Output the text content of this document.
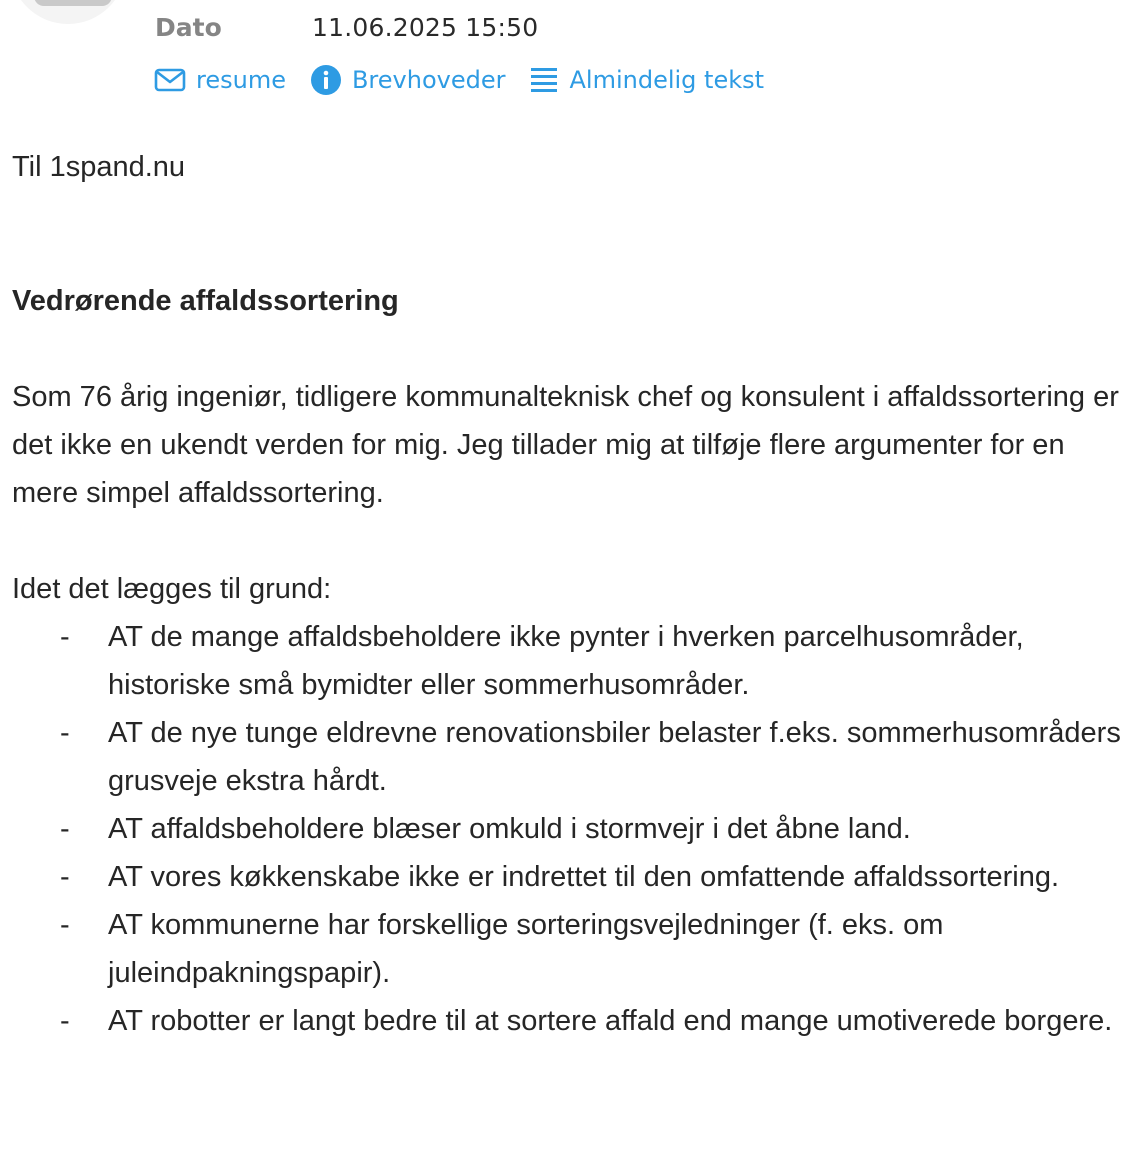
Dato	11.06.2025 15:50
resume	Brevhoveder	Almindelig tekst

Til 1spand.nu

Vedrørende affaldssortering

Som 76 årig ingeniør, tidligere kommunalteknisk chef og konsulent i affaldssortering er det ikke en ukendt verden for mig. Jeg tillader mig at tilføje flere argumenter for en mere simpel affaldssortering.

Idet det lægges til grund:

- AT de mange affaldsbeholdere ikke pynter i hverken parcelhusområder, historiske små bymidter eller sommerhusområder.
- AT de nye tunge eldrevne renovationsbiler belaster f.eks. sommerhusområders grusveje ekstra hårdt.
- AT affaldsbeholdere blæser omkuld i stormvejr i det åbne land.
- AT vores køkkenskabe ikke er indrettet til den omfattende affaldssortering.
- AT kommunerne har forskellige sorteringsvejledninger (f. eks. om juleindpakningspapir).
- AT robotter er langt bedre til at sortere affald end mange umotiverede borgere.
